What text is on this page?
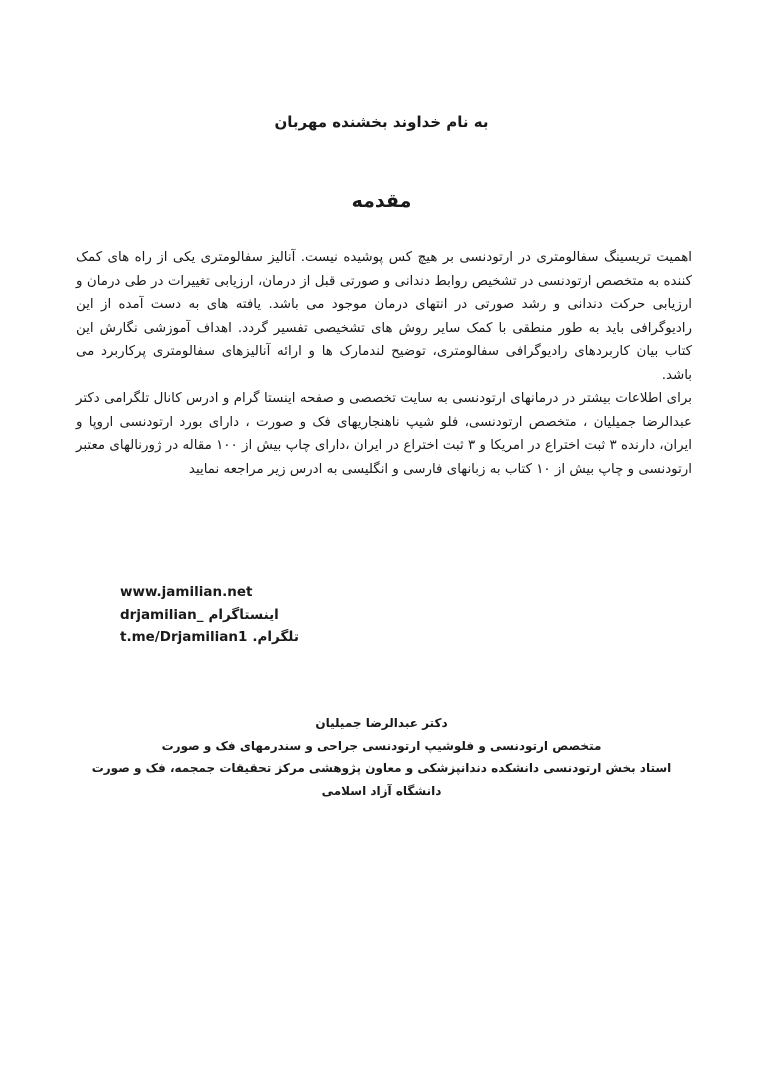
به نام خداوند بخشنده مهربان
مقدمه

اهمیت تریسینگ سفالومتری در ارتودنسی بر هیچ کس پوشیده نیست. آنالیز سفالومتری یکی از راه های کمک کننده به متخصص ارتودنسی در تشخیص روابط دندانی و صورتی قبل از درمان، ارزیابی تغییرات در طی درمان و ارزیابی حرکت دندانی و رشد صورتی در انتهای درمان موجود می باشد. یافته های به دست آمده از این رادیوگرافی باید به طور منطقی با کمک سایر روش های تشخیصی تفسیر گردد. اهداف آموزشی نگارش این کتاب بیان کاربردهای رادیوگرافی سفالومتری، توضیح لندمارک ها و ارائه آنالیزهای سفالومتری پرکاربرد می باشد.

برای اطلاعات بیشتر در درمانهای ارتودنسی به سایت تخصصی و صفحه اینستا گرام و ادرس کانال تلگرامی دکتر عبدالرضا جمیلیان ، متخصص ارتودنسی، فلو شیپ ناهنجاریهای فک و صورت ، دارای بورد ارتودنسی اروپا و ایران، دارنده ۳ ثبت اختراع در امریکا و ۳ ثبت اختراع در ایران ،دارای چاپ بیش از ۱۰۰ مقاله در ژورنالهای معتبر ارتودنسی و چاپ بیش از ۱۰ کتاب به زبانهای فارسی و انگلیسی به ادرس زیر مراجعه نمایید

www.jamilian.net
اینستاگرام
drjamilian_
تلگرام.
t.me/Drjamilian1
دکتر عبدالرضا جمیلیان
متخصص ارتودنسی و فلوشیپ ارتودنسی جراحی و سندرمهای فک و صورت
استاد بخش ارتودنسی دانشکده دندانپزشکی و معاون پژوهشی مرکز تحقیقات جمجمه، فک و صورت
دانشگاه آزاد اسلامی
